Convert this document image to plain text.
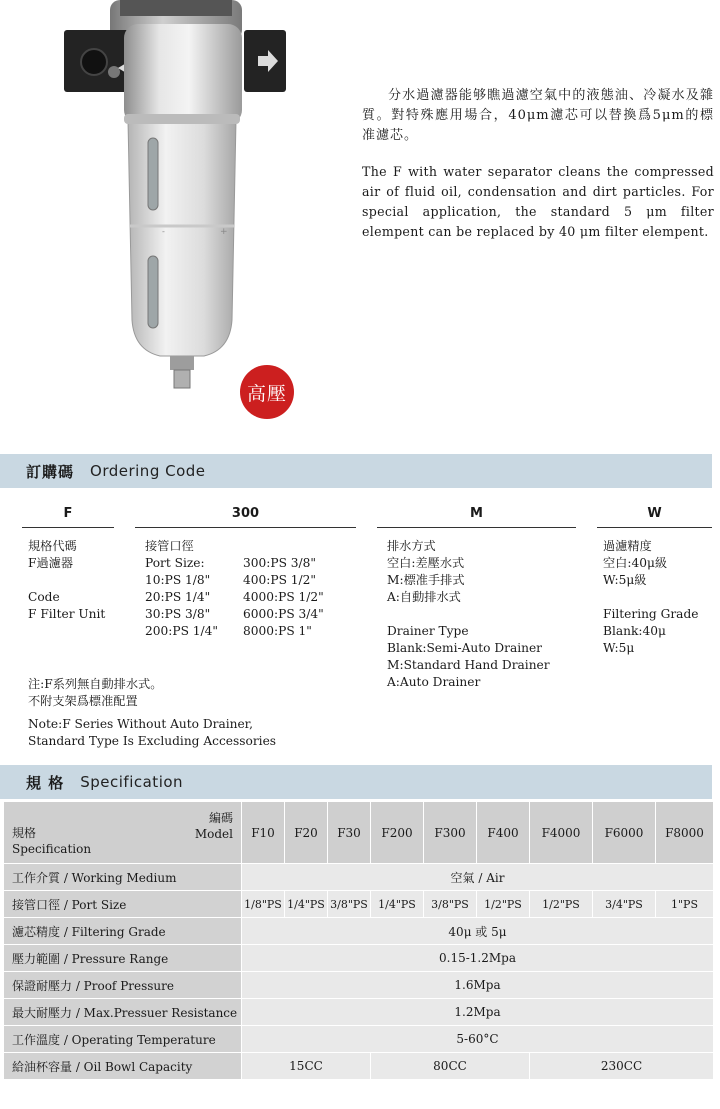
-	+
高壓

分水過濾器能够瞧過濾空氣中的液態油、冷凝水及雜質。對特殊應用場合，40μm濾芯可以替換爲5μm的標准濾芯。

The F with water separator cleans the compressed air of fluid oil, condensation and dirt particles. For special application, the standard 5 μm filter elempent can be replaced by 40 μm filter elempent.

訂購碼 Ordering Code
F
規格代碼
F過濾器
Code
F Filter Unit
300
接管口徑
Port Size:	300:PS 3/8"
10:PS 1/8"	400:PS 1/2"
20:PS 1/4"	4000:PS 1/2"
30:PS 3/8"	6000:PS 3/4"
200:PS 1/4"	8000:PS 1"
M
排水方式
空白:差壓水式
M:標准手排式
A:自動排水式
Drainer Type
Blank:Semi-Auto Drainer
M:Standard Hand Drainer
A:Auto Drainer
W
過濾精度
空白:40μ級
W:5μ級
Filtering Grade
Blank:40μ
W:5μ
注:F系列無自動排水式。
不附支架爲標准配置
Note:F Series Without Auto Drainer,
Standard Type Is Excluding Accessories
規 格 Specification
編碼
Model
規格
Specification	F10	F20	F30	F200	F300	F400	F4000	F6000	F8000
工作介質 / Working Medium	空氣 / Air								
接管口徑 / Port Size	1/8"PS	1/4"PS	3/8"PS	1/4"PS	3/8"PS	1/2"PS	1/2"PS	3/4"PS	1"PS
濾芯精度 / Filtering Grade	40μ 或 5μ								
壓力範圍 / Pressure Range	0.15-1.2Mpa								
保證耐壓力 / Proof Pressure	1.6Mpa								
最大耐壓力 / Max.Pressuer Resistance	1.2Mpa								
工作溫度 / Operating Temperature	5-60°C								
給油杯容量 / Oil Bowl Capacity	15CC			80CC			230CC		
